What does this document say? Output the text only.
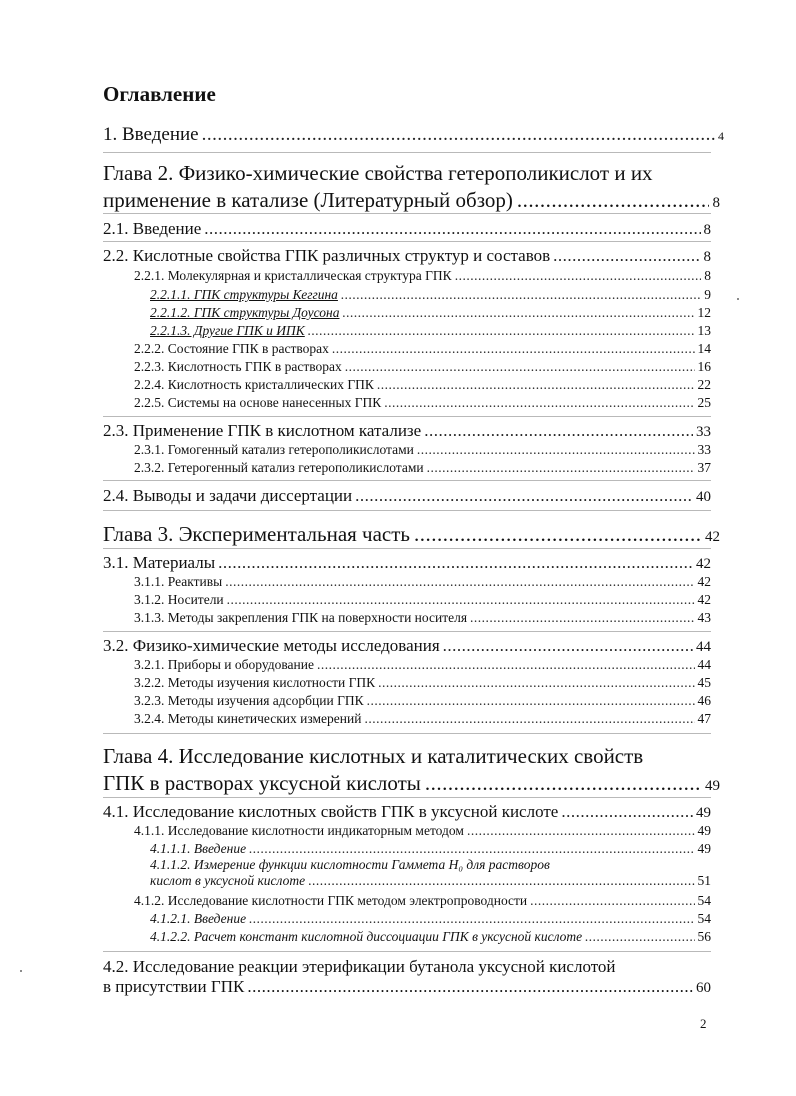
Оглавление
1. Введение .....	4
Глава 2. Физико-химические свойства гетерополикислот и их
применение в катализе (Литературный обзор) .....	8
2.1. Введение .....	8
2.2. Кислотные свойства ГПК различных структур и составов .....	8
2.2.1. Молекулярная и кристаллическая структура ГПК .....	8
2.2.1.1. ГПК структуры Кеггина .....	9
2.2.1.2. ГПК структуры Доусона .....	12
2.2.1.3. Другие ГПК и ИПК .....	13
2.2.2. Состояние ГПК в растворах .....	14
2.2.3. Кислотность ГПК в растворах .....	16
2.2.4. Кислотность кристаллических ГПК .....	22
2.2.5. Системы на основе нанесенных ГПК .....	25
2.3. Применение ГПК в кислотном катализе .....	33
2.3.1. Гомогенный катализ гетерополикислотами .....	33
2.3.2. Гетерогенный катализ гетерополикислотами .....	37
2.4. Выводы и задачи диссертации .....	40
Глава 3. Экспериментальная часть .....	42
3.1. Материалы .....	42
3.1.1. Реактивы .....	42
3.1.2. Носители .....	42
3.1.3. Методы закрепления ГПК на поверхности носителя .....	43
3.2. Физико-химические методы исследования .....	44
3.2.1. Приборы и оборудование .....	44
3.2.2. Методы изучения кислотности ГПК .....	45
3.2.3. Методы изучения адсорбции ГПК .....	46
3.2.4. Методы кинетических измерений .....	47
Глава 4. Исследование кислотных и каталитических свойств
ГПК в растворах уксусной кислоты .....	49
4.1. Исследование кислотных свойств ГПК в уксусной кислоте .....	49
4.1.1. Исследование кислотности индикаторным методом .....	49
4.1.1.1. Введение .....	49
4.1.1.2. Измерение функции кислотности Гаммета H₀ для растворов
кислот в уксусной кислоте .....	51
4.1.2. Исследование кислотности ГПК методом электропроводности .....	54
4.1.2.1. Введение .....	54
4.1.2.2. Расчет констант кислотной диссоциации ГПК в уксусной кислоте .....	56
4.2. Исследование реакции этерификации бутанола уксусной кислотой
в присутствии ГПК .....	60
2
